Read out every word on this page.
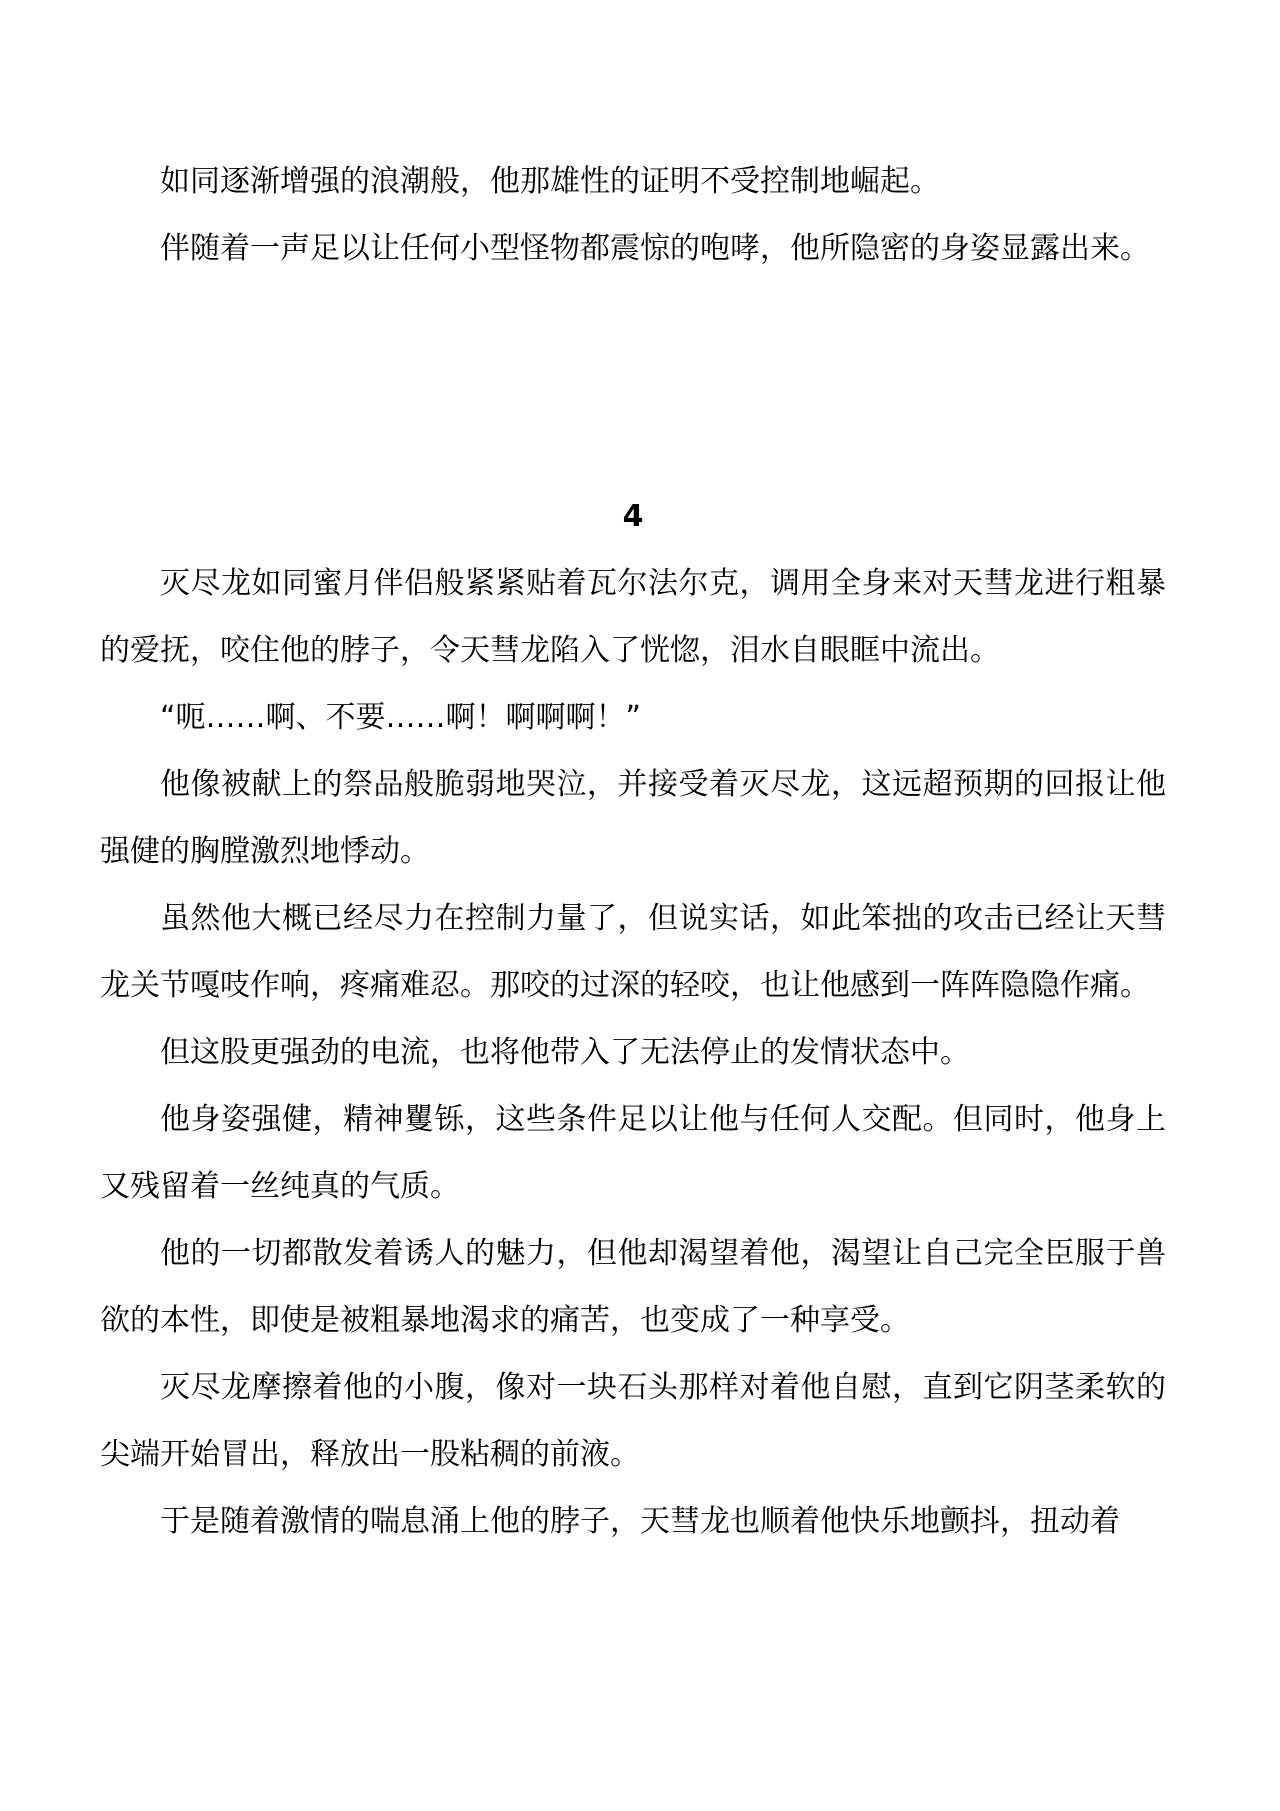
如同逐渐增强的浪潮般，他那雄性的证明不受控制地崛起。

伴随着一声足以让任何小型怪物都震惊的咆哮，他所隐密的身姿显露出来。

4

灭尽龙如同蜜月伴侣般紧紧贴着瓦尔法尔克，调用全身来对天彗龙进行粗暴的爱抚，咬住他的脖子，令天彗龙陷入了恍惚，泪水自眼眶中流出。

“呃……啊、不要……啊！啊啊啊！”

他像被献上的祭品般脆弱地哭泣，并接受着灭尽龙，这远超预期的回报让他强健的胸膛激烈地悸动。

虽然他大概已经尽力在控制力量了，但说实话，如此笨拙的攻击已经让天彗龙关节嘎吱作响，疼痛难忍。那咬的过深的轻咬，也让他感到一阵阵隐隐作痛。

但这股更强劲的电流，也将他带入了无法停止的发情状态中。

他身姿强健，精神矍铄，这些条件足以让他与任何人交配。但同时，他身上又残留着一丝纯真的气质。

他的一切都散发着诱人的魅力，但他却渴望着他，渴望让自己完全臣服于兽欲的本性，即使是被粗暴地渴求的痛苦，也变成了一种享受。

灭尽龙摩擦着他的小腹，像对一块石头那样对着他自慰，直到它阴茎柔软的尖端开始冒出，释放出一股粘稠的前液。

于是随着激情的喘息涌上他的脖子，天彗龙也顺着他快乐地颤抖，扭动着
